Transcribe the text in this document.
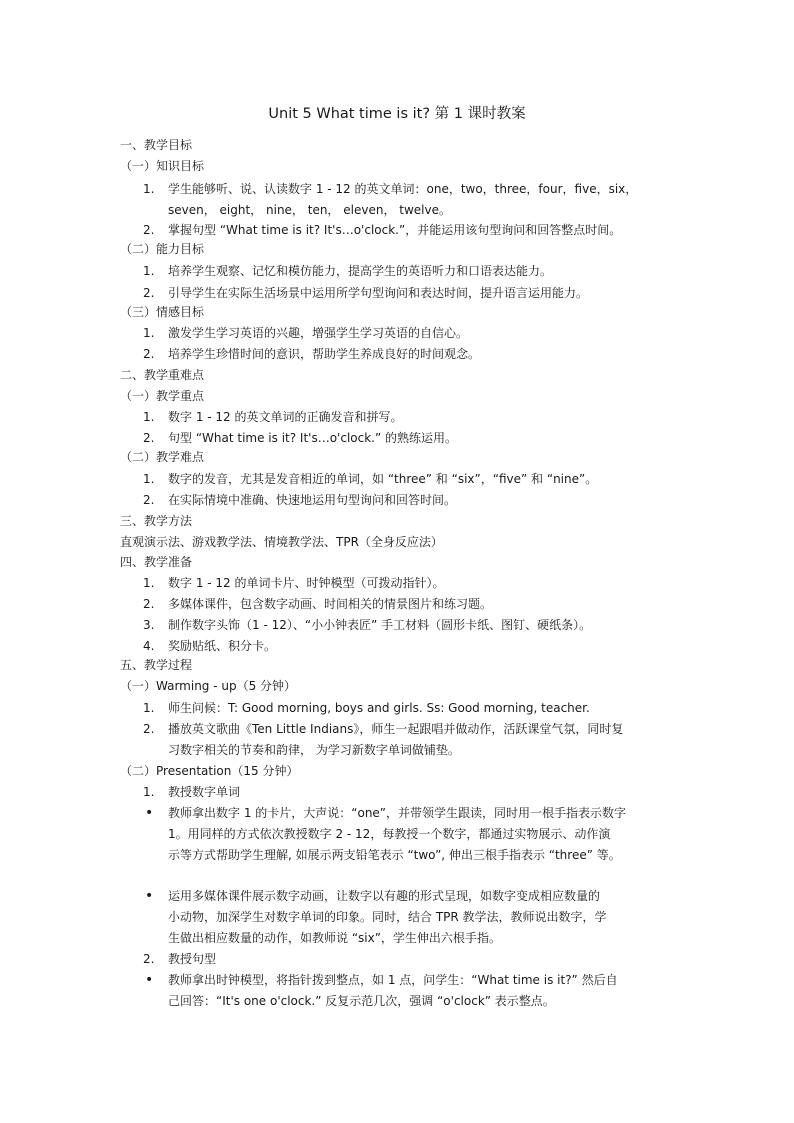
Unit 5 What time is it? 第 1 课时教案
一、教学目标
（一）知识目标
1.	学生能够听、说、认读数字 1 - 12 的英文单词：one，two，three，four，five，six，
seven， eight， nine， ten， eleven， twelve。
2.	掌握句型 “What time is it? It's…o'clock.”，并能运用该句型询问和回答整点时间。
（二）能力目标
1.	培养学生观察、记忆和模仿能力，提高学生的英语听力和口语表达能力。
2.	引导学生在实际生活场景中运用所学句型询问和表达时间，提升语言运用能力。
（三）情感目标
1.	激发学生学习英语的兴趣，增强学生学习英语的自信心。
2.	培养学生珍惜时间的意识，帮助学生养成良好的时间观念。
二、教学重难点
（一）教学重点
1.	数字 1 - 12 的英文单词的正确发音和拼写。
2.	句型 “What time is it? It's…o'clock.” 的熟练运用。
（二）教学难点
1.	数字的发音，尤其是发音相近的单词，如 “three” 和 “six”，“five” 和 “nine”。
2.	在实际情境中准确、快速地运用句型询问和回答时间。
三、教学方法
直观演示法、游戏教学法、情境教学法、TPR（全身反应法）
四、教学准备
1.	数字 1 - 12 的单词卡片、时钟模型（可拨动指针）。
2.	多媒体课件，包含数字动画、时间相关的情景图片和练习题。
3.	制作数字头饰（1 - 12）、“小小钟表匠” 手工材料（圆形卡纸、图钉、硬纸条）。
4.	奖励贴纸、积分卡。
五、教学过程
（一）Warming - up（5 分钟）
1.	师生问候：T: Good morning, boys and girls. Ss: Good morning, teacher.
2.	播放英文歌曲《Ten Little Indians》，师生一起跟唱并做动作，活跃课堂气氛，同时复
习数字相关的节奏和韵律， 为学习新数字单词做铺垫。
（二）Presentation（15 分钟）
1.	教授数字单词
• 教师拿出数字 1 的卡片，大声说：“one”，并带领学生跟读，同时用一根手指表示数字
1。用同样的方式依次教授数字 2 - 12，每教授一个数字，都通过实物展示、动作演
示等方式帮助学生理解, 如展示两支铅笔表示 “two”, 伸出三根手指表示 “three” 等。
• 运用多媒体课件展示数字动画，让数字以有趣的形式呈现，如数字变成相应数量的
小动物，加深学生对数字单词的印象。同时，结合 TPR 教学法，教师说出数字，学
生做出相应数量的动作，如教师说 “six”，学生伸出六根手指。
2.	教授句型
• 教师拿出时钟模型，将指针拨到整点，如 1 点，问学生：“What time is it?” 然后自
己回答：“It's one o'clock.” 反复示范几次，强调 “o'clock” 表示整点。
